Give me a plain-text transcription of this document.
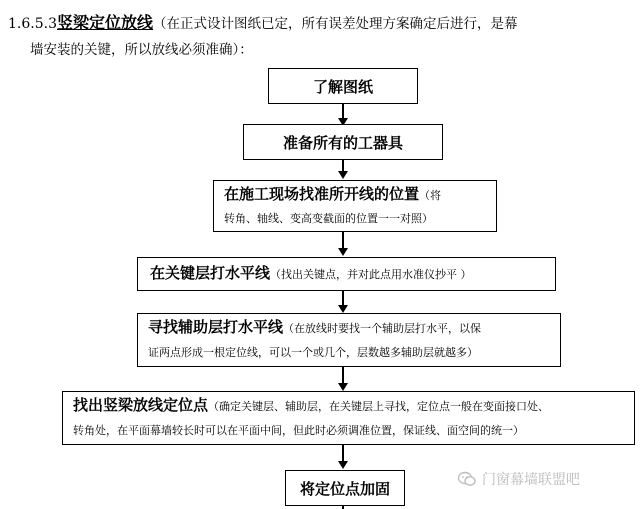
1.6.5.3竖梁定位放线（在正式设计图纸已定，所有误差处理方案确定后进行，是幕
墙安装的关键，所以放线必须准确）：
了解图纸
准备所有的工器具
在施工现场找准所开线的位置（将
转角、轴线、变高变截面的位置一一对照）
在关键层打水平线（找出关键点，并对此点用水准仪抄平 ）
寻找辅助层打水平线（在放线时要找一个辅助层打水平，以保
证两点形成一根定位线，可以一个或几个，层数越多辅助层就越多）
找出竖梁放线定位点（确定关键层、辅助层，在关键层上寻找，定位点一般在变面接口处、
转角处，在平面幕墙较长时可以在平面中间，但此时必须调准位置，保证线、面空间的统一）
将定位点加固	门窗幕墙联盟吧
